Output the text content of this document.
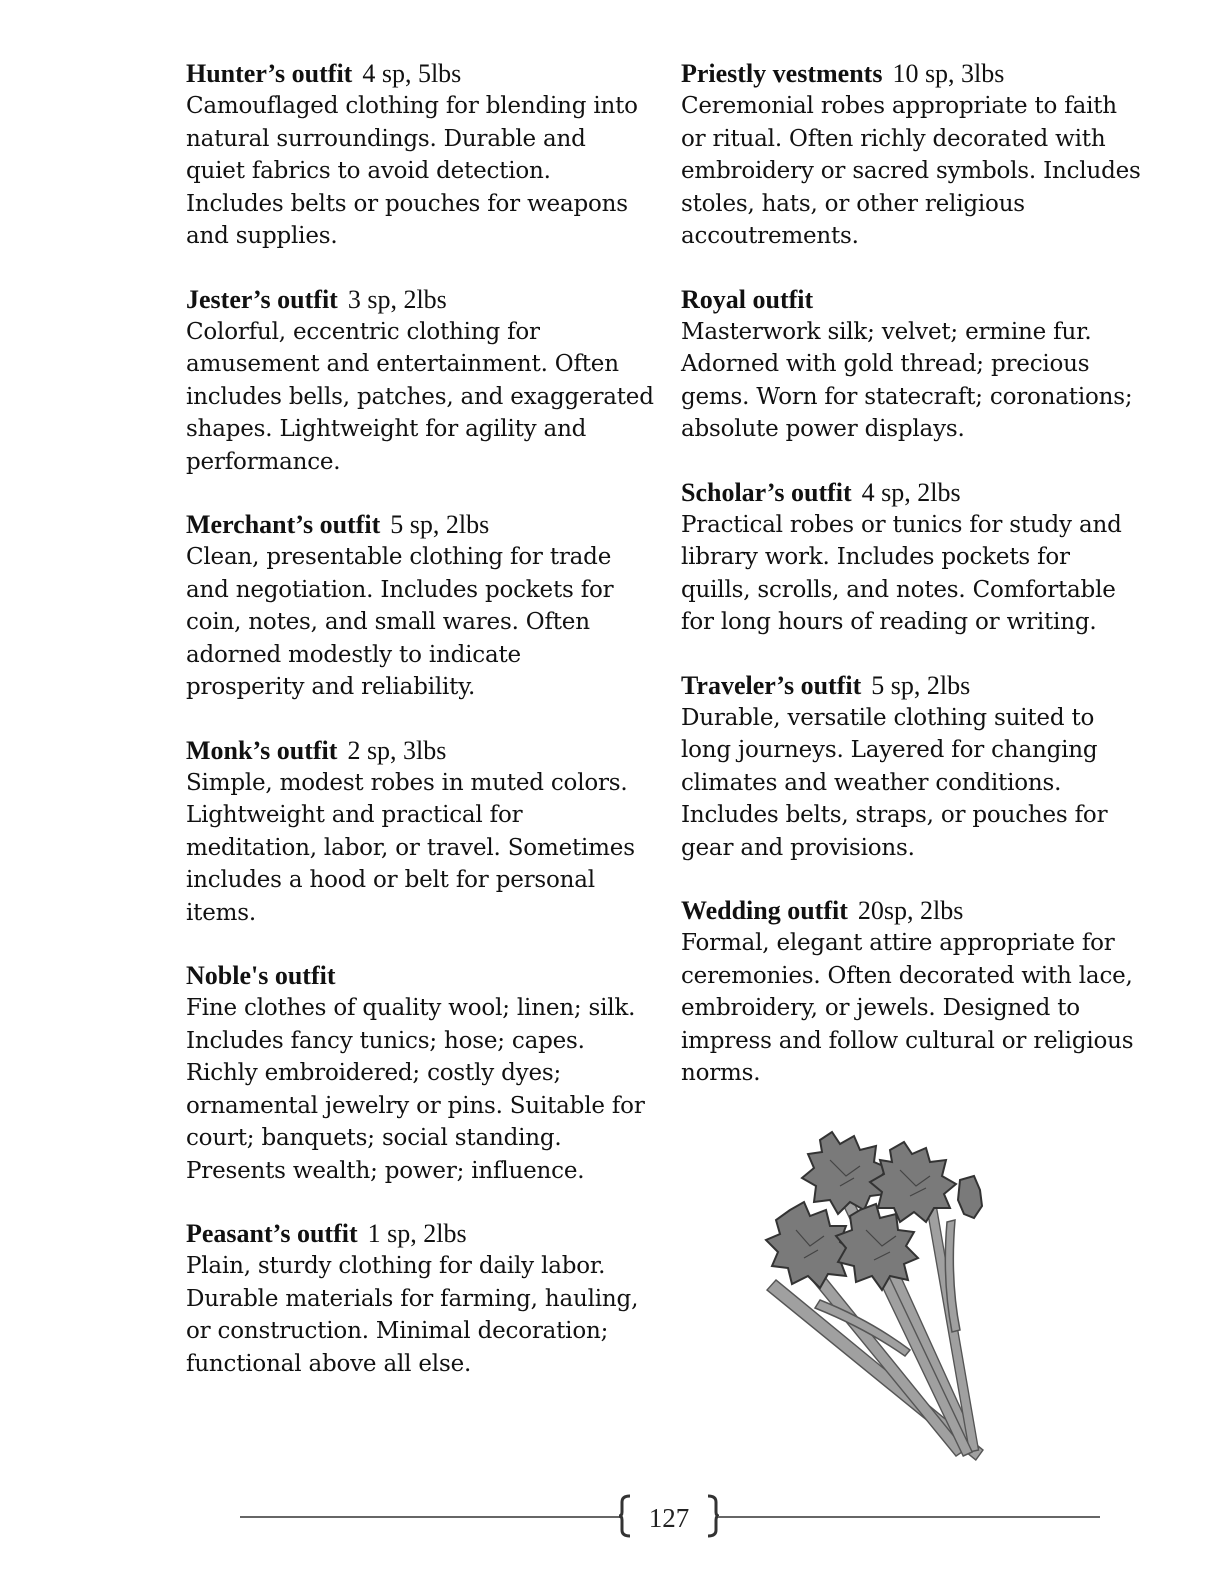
Hunter’s outfit 4 sp, 5lbs
Camouflaged clothing for blending into
natural surroundings. Durable and
quiet fabrics to avoid detection.
Includes belts or pouches for weapons
and supplies.
Jester’s outfit 3 sp, 2lbs
Colorful, eccentric clothing for
amusement and entertainment. Often
includes bells, patches, and exaggerated
shapes. Lightweight for agility and
performance.
Merchant’s outfit 5 sp, 2lbs
Clean, presentable clothing for trade
and negotiation. Includes pockets for
coin, notes, and small wares. Often
adorned modestly to indicate
prosperity and reliability.
Monk’s outfit 2 sp, 3lbs
Simple, modest robes in muted colors.
Lightweight and practical for
meditation, labor, or travel. Sometimes
includes a hood or belt for personal
items.
Noble's outfit
Fine clothes of quality wool; linen; silk.
Includes fancy tunics; hose; capes.
Richly embroidered; costly dyes;
ornamental jewelry or pins. Suitable for
court; banquets; social standing.
Presents wealth; power; influence.
Peasant’s outfit 1 sp, 2lbs
Plain, sturdy clothing for daily labor.
Durable materials for farming, hauling,
or construction. Minimal decoration;
functional above all else.
Priestly vestments 10 sp, 3lbs
Ceremonial robes appropriate to faith
or ritual. Often richly decorated with
embroidery or sacred symbols. Includes
stoles, hats, or other religious
accoutrements.
Royal outfit
Masterwork silk; velvet; ermine fur.
Adorned with gold thread; precious
gems. Worn for statecraft; coronations;
absolute power displays.
Scholar’s outfit 4 sp, 2lbs
Practical robes or tunics for study and
library work. Includes pockets for
quills, scrolls, and notes. Comfortable
for long hours of reading or writing.
Traveler’s outfit 5 sp, 2lbs
Durable, versatile clothing suited to
long journeys. Layered for changing
climates and weather conditions.
Includes belts, straps, or pouches for
gear and provisions.
Wedding outfit 20sp, 2lbs
Formal, elegant attire appropriate for
ceremonies. Often decorated with lace,
embroidery, or jewels. Designed to
impress and follow cultural or religious
norms.
127
